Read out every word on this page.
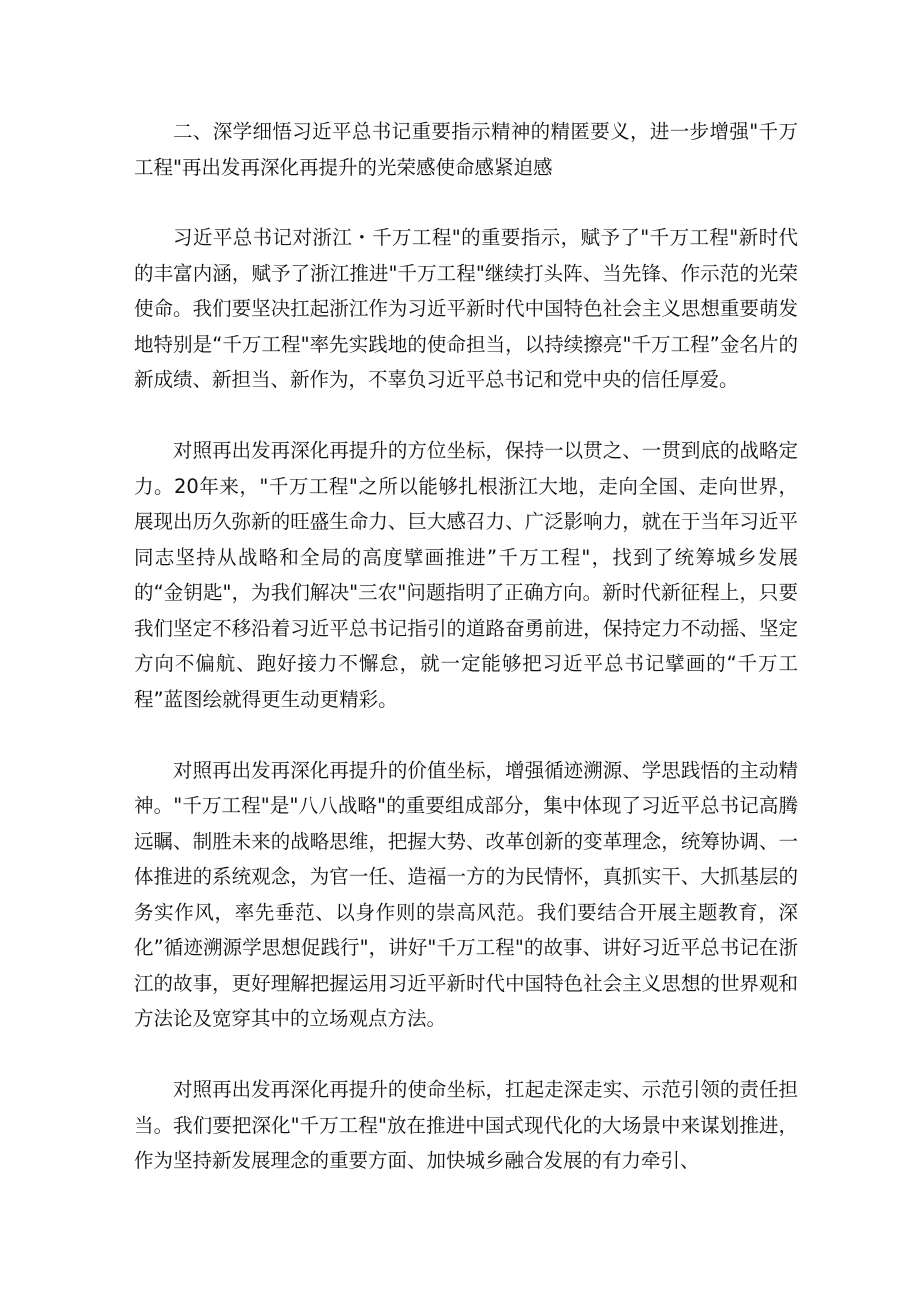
二、深学细悟习近平总书记重要指示精神的精匿要义，进一步增强"千万工程"再出发再深化再提升的光荣感使命感紧迫感

习近平总书记对浙江・千万工程"的重要指示，赋予了"千万工程"新时代的丰富内涵，赋予了浙江推进"千万工程"继续打头阵、当先锋、作示范的光荣使命。我们要坚决扛起浙江作为习近平新时代中国特色社会主义思想重要萌发地特别是“千万工程"率先实践地的使命担当，以持续擦亮"千万工程”金名片的新成绩、新担当、新作为，不辜负习近平总书记和党中央的信任厚爱。

对照再出发再深化再提升的方位坐标，保持一以贯之、一贯到底的战略定力。20年来，"千万工程"之所以能够扎根浙江大地，走向全国、走向世界，展现出历久弥新的旺盛生命力、巨大感召力、广泛影响力，就在于当年习近平同志坚持从战略和全局的高度擘画推进”千万工程"，找到了统筹城乡发展的“金钥匙"，为我们解决"三农"问题指明了正确方向。新时代新征程上，只要我们坚定不移沿着习近平总书记指引的道路奋勇前进，保持定力不动摇、坚定方向不偏航、跑好接力不懈怠，就一定能够把习近平总书记擘画的“千万工程”蓝图绘就得更生动更精彩。

对照再出发再深化再提升的价值坐标，增强循迹溯源、学思践悟的主动精神。"千万工程"是"八八战略"的重要组成部分，集中体现了习近平总书记高腾远瞩、制胜未来的战略思维，把握大势、改革创新的变革理念，统筹协调、一体推进的系统观念，为官一任、造福一方的为民情怀，真抓实干、大抓基层的务实作风，率先垂范、以身作则的崇高风范。我们要结合开展主题教育，深化”循迹溯源学思想促践行"，讲好"千万工程"的故事、讲好习近平总书记在浙江的故事，更好理解把握运用习近平新时代中国特色社会主义思想的世界观和方法论及宽穿其中的立场观点方法。

对照再出发再深化再提升的使命坐标，扛起走深走实、示范引领的责任担当。我们要把深化"千万工程"放在推进中国式现代化的大场景中来谋划推进，作为坚持新发展理念的重要方面、加快城乡融合发展的有力牵引、
